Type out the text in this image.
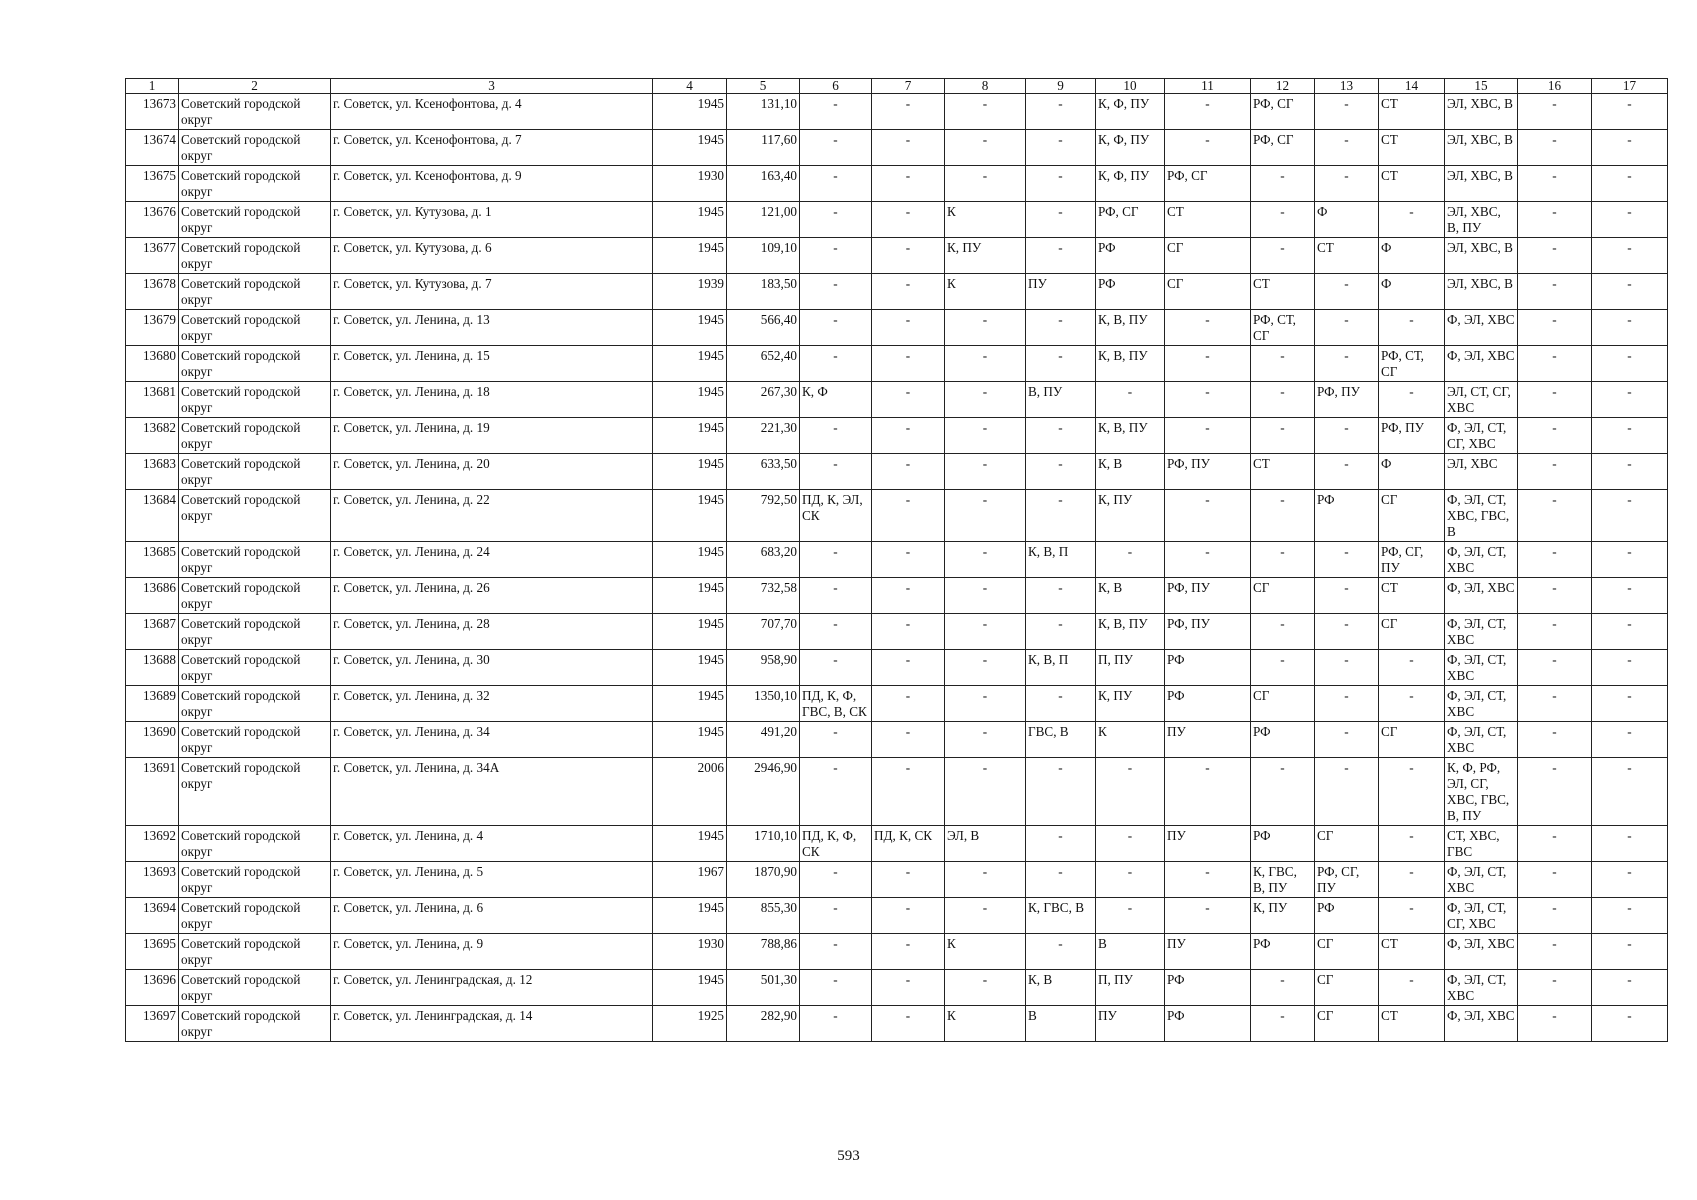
1	2	3	4	5	6	7	8	9	10	11	12	13	14	15	16	17
13673	Советский городской округ	г. Советск, ул. Ксенофонтова, д. 4	1945	131,10	-	-	-	-	К, Ф, ПУ	-	РФ, СГ	-	СТ	ЭЛ, ХВС, В	-	-
13674	Советский городской округ	г. Советск, ул. Ксенофонтова, д. 7	1945	117,60	-	-	-	-	К, Ф, ПУ	-	РФ, СГ	-	СТ	ЭЛ, ХВС, В	-	-
13675	Советский городской округ	г. Советск, ул. Ксенофонтова, д. 9	1930	163,40	-	-	-	-	К, Ф, ПУ	РФ, СГ	-	-	СТ	ЭЛ, ХВС, В	-	-
13676	Советский городской округ	г. Советск, ул. Кутузова, д. 1	1945	121,00	-	-	К	-	РФ, СГ	СТ	-	Ф	-	ЭЛ, ХВС, В, ПУ	-	-
13677	Советский городской округ	г. Советск, ул. Кутузова, д. 6	1945	109,10	-	-	К, ПУ	-	РФ	СГ	-	СТ	Ф	ЭЛ, ХВС, В	-	-
13678	Советский городской округ	г. Советск, ул. Кутузова, д. 7	1939	183,50	-	-	К	ПУ	РФ	СГ	СТ	-	Ф	ЭЛ, ХВС, В	-	-
13679	Советский городской округ	г. Советск, ул. Ленина, д. 13	1945	566,40	-	-	-	-	К, В, ПУ	-	РФ, СТ, СГ	-	-	Ф, ЭЛ, ХВС	-	-
13680	Советский городской округ	г. Советск, ул. Ленина, д. 15	1945	652,40	-	-	-	-	К, В, ПУ	-	-	-	РФ, СТ, СГ	Ф, ЭЛ, ХВС	-	-
13681	Советский городской округ	г. Советск, ул. Ленина, д. 18	1945	267,30	К, Ф	-	-	В, ПУ	-	-	-	РФ, ПУ	-	ЭЛ, СТ, СГ, ХВС	-	-
13682	Советский городской округ	г. Советск, ул. Ленина, д. 19	1945	221,30	-	-	-	-	К, В, ПУ	-	-	-	РФ, ПУ	Ф, ЭЛ, СТ, СГ, ХВС	-	-
13683	Советский городской округ	г. Советск, ул. Ленина, д. 20	1945	633,50	-	-	-	-	К, В	РФ, ПУ	СТ	-	Ф	ЭЛ, ХВС	-	-
13684	Советский городской округ	г. Советск, ул. Ленина, д. 22	1945	792,50	ПД, К, ЭЛ, СК	-	-	-	К, ПУ	-	-	РФ	СГ	Ф, ЭЛ, СТ, ХВС, ГВС, В	-	-
13685	Советский городской округ	г. Советск, ул. Ленина, д. 24	1945	683,20	-	-	-	К, В, П	-	-	-	-	РФ, СГ, ПУ	Ф, ЭЛ, СТ, ХВС	-	-
13686	Советский городской округ	г. Советск, ул. Ленина, д. 26	1945	732,58	-	-	-	-	К, В	РФ, ПУ	СГ	-	СТ	Ф, ЭЛ, ХВС	-	-
13687	Советский городской округ	г. Советск, ул. Ленина, д. 28	1945	707,70	-	-	-	-	К, В, ПУ	РФ, ПУ	-	-	СГ	Ф, ЭЛ, СТ, ХВС	-	-
13688	Советский городской округ	г. Советск, ул. Ленина, д. 30	1945	958,90	-	-	-	К, В, П	П, ПУ	РФ	-	-	-	Ф, ЭЛ, СТ, ХВС	-	-
13689	Советский городской округ	г. Советск, ул. Ленина, д. 32	1945	1350,10	ПД, К, Ф, ГВС, В, СК	-	-	-	К, ПУ	РФ	СГ	-	-	Ф, ЭЛ, СТ, ХВС	-	-
13690	Советский городской округ	г. Советск, ул. Ленина, д. 34	1945	491,20	-	-	-	ГВС, В	К	ПУ	РФ	-	СГ	Ф, ЭЛ, СТ, ХВС	-	-
13691	Советский городской округ	г. Советск, ул. Ленина, д. 34А	2006	2946,90	-	-	-	-	-	-	-	-	-	К, Ф, РФ, ЭЛ, СГ, ХВС, ГВС, В, ПУ	-	-
13692	Советский городской округ	г. Советск, ул. Ленина, д. 4	1945	1710,10	ПД, К, Ф, СК	ПД, К, СК	ЭЛ, В	-	-	ПУ	РФ	СГ	-	СТ, ХВС, ГВС	-	-
13693	Советский городской округ	г. Советск, ул. Ленина, д. 5	1967	1870,90	-	-	-	-	-	-	К, ГВС, В, ПУ	РФ, СГ, ПУ	-	Ф, ЭЛ, СТ, ХВС	-	-
13694	Советский городской округ	г. Советск, ул. Ленина, д. 6	1945	855,30	-	-	-	К, ГВС, В	-	-	К, ПУ	РФ	-	Ф, ЭЛ, СТ, СГ, ХВС	-	-
13695	Советский городской округ	г. Советск, ул. Ленина, д. 9	1930	788,86	-	-	К	-	В	ПУ	РФ	СГ	СТ	Ф, ЭЛ, ХВС	-	-
13696	Советский городской округ	г. Советск, ул. Ленинградская, д. 12	1945	501,30	-	-	-	К, В	П, ПУ	РФ	-	СГ	-	Ф, ЭЛ, СТ, ХВС	-	-
13697	Советский городской округ	г. Советск, ул. Ленинградская, д. 14	1925	282,90	-	-	К	В	ПУ	РФ	-	СГ	СТ	Ф, ЭЛ, ХВС	-	-
593
